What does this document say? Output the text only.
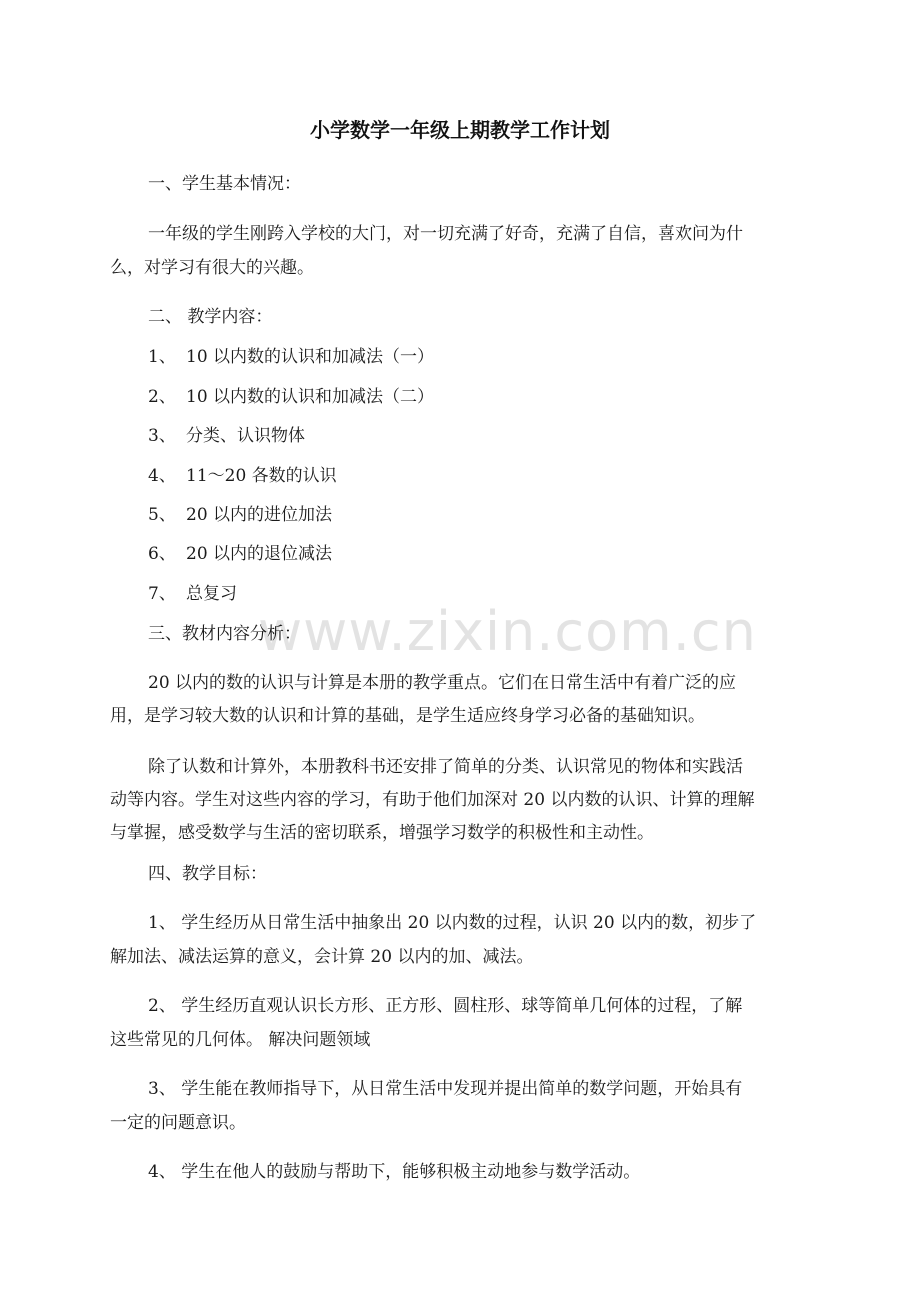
www.zixin.com.cn
小学数学一年级上期教学工作计划
一、学生基本情况：
一年级的学生刚跨入学校的大门，对一切充满了好奇，充满了自信，喜欢问为什
么，对学习有很大的兴趣。
二、 教学内容：
1、 10 以内数的认识和加减法（一）
2、 10 以内数的认识和加减法（二）
3、 分类、认识物体
4、 11～20 各数的认识
5、 20 以内的进位加法
6、 20 以内的退位减法
7、 总复习
三、教材内容分析：
20 以内的数的认识与计算是本册的教学重点。它们在日常生活中有着广泛的应
用，是学习较大数的认识和计算的基础，是学生适应终身学习必备的基础知识。
除了认数和计算外，本册教科书还安排了简单的分类、认识常见的物体和实践活
动等内容。学生对这些内容的学习，有助于他们加深对 20 以内数的认识、计算的理解
与掌握，感受数学与生活的密切联系，增强学习数学的积极性和主动性。
四、教学目标：
1、 学生经历从日常生活中抽象出 20 以内数的过程，认识 20 以内的数，初步了
解加法、减法运算的意义，会计算 20 以内的加、减法。
2、 学生经历直观认识长方形、正方形、圆柱形、球等简单几何体的过程，了解
这些常见的几何体。 解决问题领域
3、 学生能在教师指导下，从日常生活中发现并提出简单的数学问题，开始具有
一定的问题意识。
4、 学生在他人的鼓励与帮助下，能够积极主动地参与数学活动。
